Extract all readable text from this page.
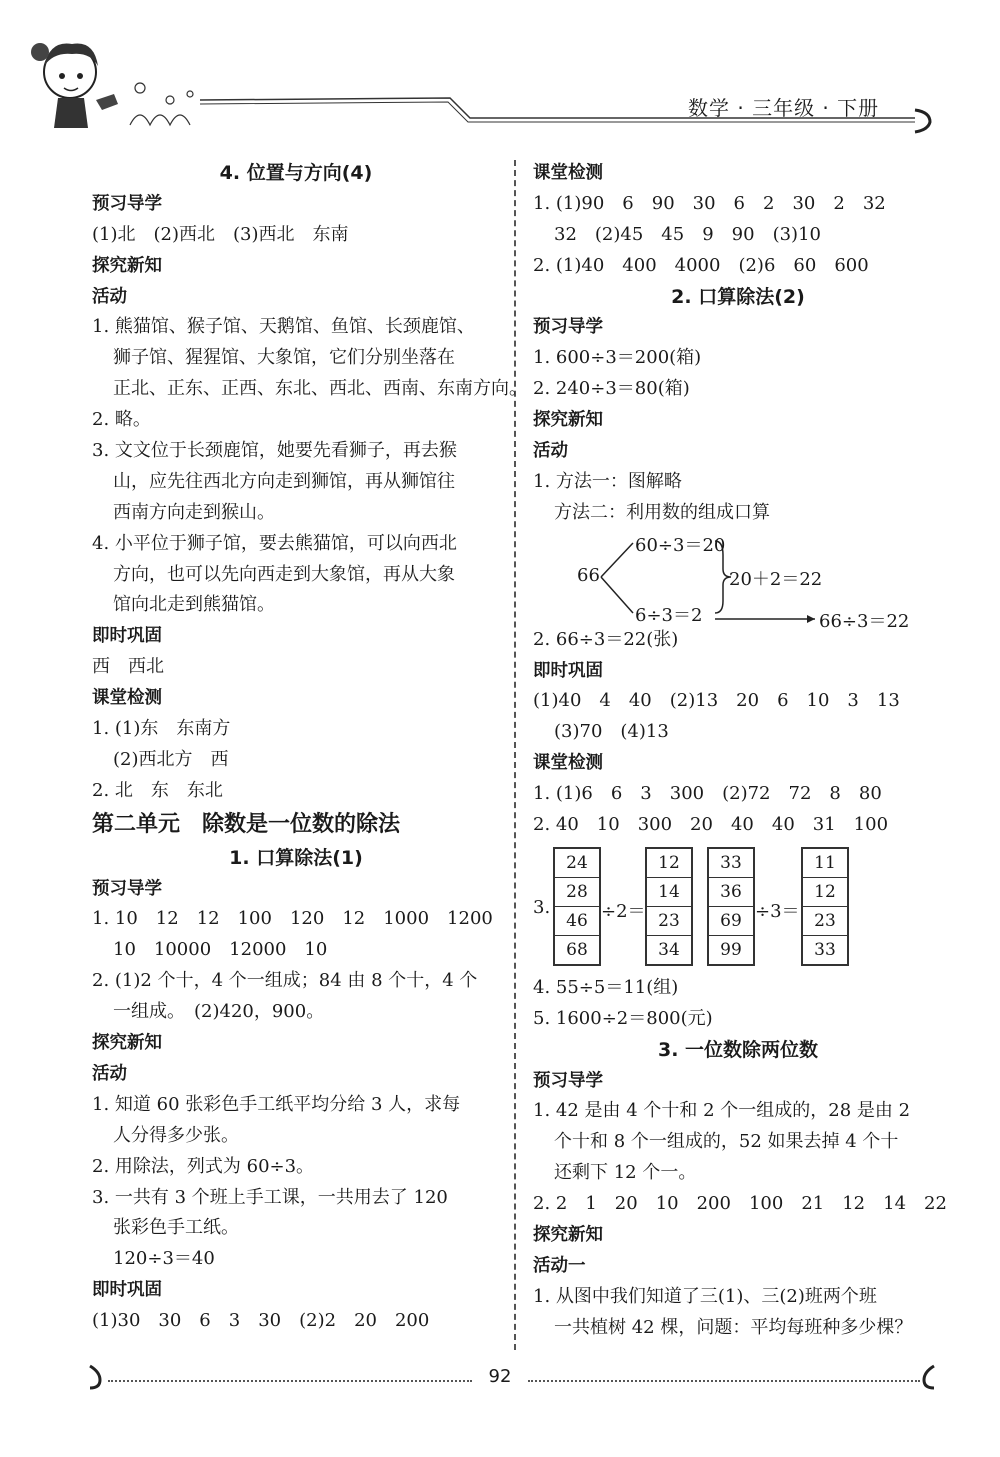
数学 · 三年级 · 下册
4. 位置与方向(4)
预习导学
(1)北　(2)西北　(3)西北　东南
探究新知
活动
1. 熊猫馆、猴子馆、天鹅馆、鱼馆、长颈鹿馆、
狮子馆、猩猩馆、大象馆，它们分别坐落在
正北、正东、正西、东北、西北、西南、东南方向。
2. 略。
3. 文文位于长颈鹿馆，她要先看狮子，再去猴
山，应先往西北方向走到狮馆，再从狮馆往
西南方向走到猴山。
4. 小平位于狮子馆，要去熊猫馆，可以向西北
方向，也可以先向西走到大象馆，再从大象
馆向北走到熊猫馆。
即时巩固
西　西北
课堂检测
1. (1)东　东南方
(2)西北方　西
2. 北　东　东北
第二单元　除数是一位数的除法
1. 口算除法(1)
预习导学
1. 10　12　12　100　120　12　1000　1200
10　10000　12000　10
2. (1)2 个十，4 个一组成；84 由 8 个十，4 个
一组成。　(2)420，900。
探究新知
活动
1. 知道 60 张彩色手工纸平均分给 3 人，求每
人分得多少张。
2. 用除法，列式为 60÷3。
3. 一共有 3 个班上手工课，一共用去了 120
张彩色手工纸。
120÷3＝40
即时巩固
(1)30　30　6　3　30　(2)2　20　200
课堂检测
1. (1)90　6　90　30　6　2　30　2　32
32　(2)45　45　9　90　(3)10
2. (1)40　400　4000　(2)6　60　600
2. 口算除法(2)
预习导学
1. 600÷3＝200(箱)
2. 240÷3＝80(箱)
探究新知
活动
1. 方法一：图解略
方法二：利用数的组成口算
66
60÷3＝20
6÷3＝2
20＋2＝22
66÷3＝22
2. 66÷3＝22(张)
即时巩固
(1)40　4　40　(2)13　20　6　10　3　13
(3)70　(4)13
课堂检测
1. (1)6　6　3　300　(2)72　72　8　80
2. 40　10　300　20　40　40　31　100
3.
24
28
46
68
÷2＝
12
14
23
34
33
36
69
99
÷3＝
11
12
23
33
4. 55÷5＝11(组)
5. 1600÷2＝800(元)
3. 一位数除两位数
预习导学
1. 42 是由 4 个十和 2 个一组成的，28 是由 2
个十和 8 个一组成的，52 如果去掉 4 个十
还剩下 12 个一。
2. 2　1　20　10　200　100　21　12　14　22
探究新知
活动一
1. 从图中我们知道了三(1)、三(2)班两个班
一共植树 42 棵，问题：平均每班种多少棵？
92
